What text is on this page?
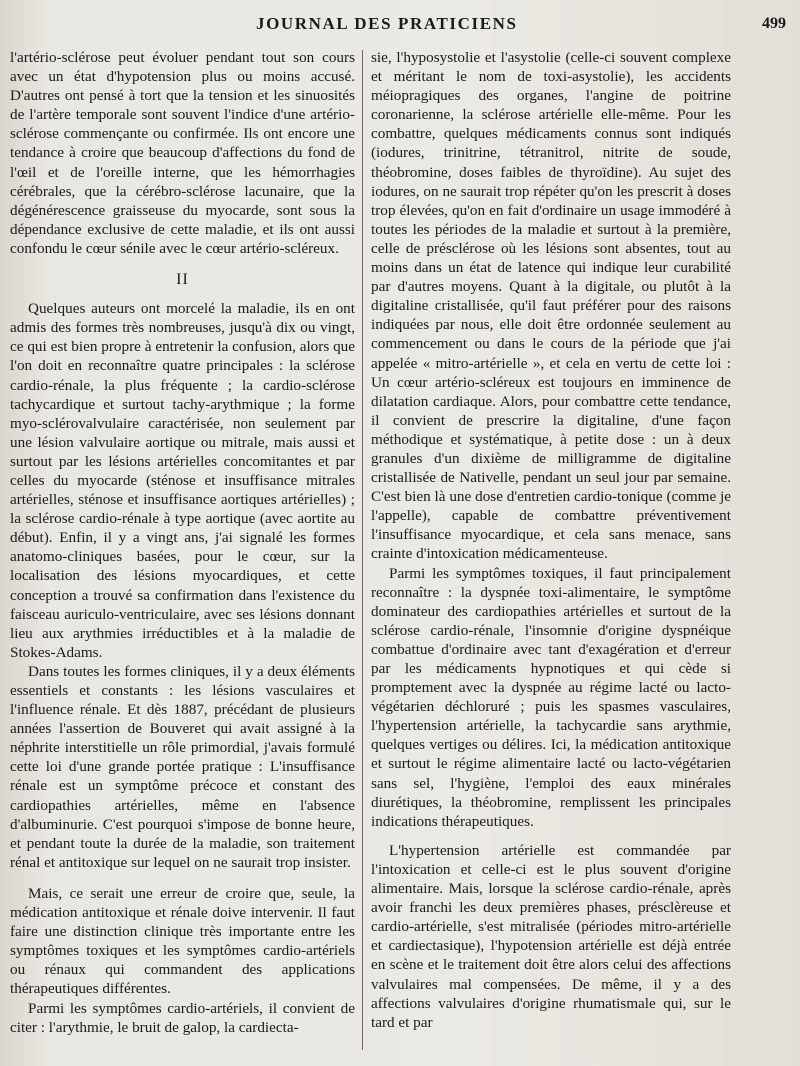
JOURNAL DES PRATICIENS	499

l'artério-sclérose peut évoluer pendant tout son cours avec un état d'hypotension plus ou moins accusé. D'autres ont pensé à tort que la tension et les sinuosités de l'artère temporale sont souvent l'indice d'une artério-sclérose commençante ou confirmée. Ils ont encore une tendance à croire que beaucoup d'affections du fond de l'œil et de l'oreille interne, que les hémorrhagies cérébrales, que la cérébro-sclérose lacunaire, que la dégénérescence graisseuse du myocarde, sont sous la dépendance exclusive de cette maladie, et ils ont aussi confondu le cœur sénile avec le cœur artério-scléreux.

II

Quelques auteurs ont morcelé la maladie, ils en ont admis des formes très nombreuses, jusqu'à dix ou vingt, ce qui est bien propre à entretenir la confusion, alors que l'on doit en reconnaître quatre principales : la sclérose cardio-rénale, la plus fréquente ; la cardio-sclérose tachycardique et surtout tachy-arythmique ; la forme myo-sclérovalvulaire caractérisée, non seulement par une lésion valvulaire aortique ou mitrale, mais aussi et surtout par les lésions artérielles concomitantes et par celles du myocarde (sténose et insuffisance mitrales artérielles, sténose et insuffisance aortiques artérielles) ; la sclérose cardio-rénale à type aortique (avec aortite au début). Enfin, il y a vingt ans, j'ai signalé les formes anatomo-cliniques basées, pour le cœur, sur la localisation des lésions myocardiques, et cette conception a trouvé sa confirmation dans l'existence du faisceau auriculo-ventriculaire, avec ses lésions donnant lieu aux arythmies irréductibles et à la maladie de Stokes-Adams.

Dans toutes les formes cliniques, il y a deux éléments essentiels et constants : les lésions vasculaires et l'influence rénale. Et dès 1887, précédant de plusieurs années l'assertion de Bouveret qui avait assigné à la néphrite interstitielle un rôle primordial, j'avais formulé cette loi d'une grande portée pratique : L'insuffisance rénale est un symptôme précoce et constant des cardiopathies artérielles, même en l'absence d'albuminurie. C'est pourquoi s'impose de bonne heure, et pendant toute la durée de la maladie, son traitement rénal et antitoxique sur lequel on ne saurait trop insister.

Mais, ce serait une erreur de croire que, seule, la médication antitoxique et rénale doive intervenir. Il faut faire une distinction clinique très importante entre les symptômes toxiques et les symptômes cardio-artériels ou rénaux qui commandent des applications thérapeutiques différentes.

Parmi les symptômes cardio-artériels, il convient de citer : l'arythmie, le bruit de galop, la cardiecta-

sie, l'hyposystolie et l'asystolie (celle-ci souvent complexe et méritant le nom de toxi-asystolie), les accidents méiopragiques des organes, l'angine de poitrine coronarienne, la sclérose artérielle elle-même. Pour les combattre, quelques médicaments connus sont indiqués (iodures, trinitrine, tétranitrol, nitrite de soude, théobromine, doses faibles de thyroïdine). Au sujet des iodures, on ne saurait trop répéter qu'on les prescrit à doses trop élevées, qu'on en fait d'ordinaire un usage immodéré à toutes les périodes de la maladie et surtout à la première, celle de présclérose où les lésions sont absentes, tout au moins dans un état de latence qui indique leur curabilité par d'autres moyens. Quant à la digitale, ou plutôt à la digitaline cristallisée, qu'il faut préférer pour des raisons indiquées par nous, elle doit être ordonnée seulement au commencement ou dans le cours de la période que j'ai appelée « mitro-artérielle », et cela en vertu de cette loi : Un cœur artério-scléreux est toujours en imminence de dilatation cardiaque. Alors, pour combattre cette tendance, il convient de prescrire la digitaline, d'une façon méthodique et systématique, à petite dose : un à deux granules d'un dixième de milligramme de digitaline cristallisée de Nativelle, pendant un seul jour par semaine. C'est bien là une dose d'entretien cardio-tonique (comme je l'appelle), capable de combattre préventivement l'insuffisance myocardique, et cela sans menace, sans crainte d'intoxication médicamenteuse.

Parmi les symptômes toxiques, il faut principalement reconnaître : la dyspnée toxi-alimentaire, le symptôme dominateur des cardiopathies artérielles et surtout de la sclérose cardio-rénale, l'insomnie d'origine dyspnéique combattue d'ordinaire avec tant d'exagération et d'erreur par les médicaments hypnotiques et qui cède si promptement avec la dyspnée au régime lacté ou lacto-végétarien déchloruré ; puis les spasmes vasculaires, l'hypertension artérielle, la tachycardie sans arythmie, quelques vertiges ou délires. Ici, la médication antitoxique et surtout le régime alimentaire lacté ou lacto-végétarien sans sel, l'hygiène, l'emploi des eaux minérales diurétiques, la théobromine, remplissent les principales indications thérapeutiques.

L'hypertension artérielle est commandée par l'intoxication et celle-ci est le plus souvent d'origine alimentaire. Mais, lorsque la sclérose cardio-rénale, après avoir franchi les deux premières phases, présclèreuse et cardio-artérielle, s'est mitralisée (périodes mitro-artérielle et cardiectasique), l'hypotension artérielle est déjà entrée en scène et le traitement doit être alors celui des affections valvulaires mal compensées. De même, il y a des affections valvulaires d'origine rhumatismale qui, sur le tard et par
